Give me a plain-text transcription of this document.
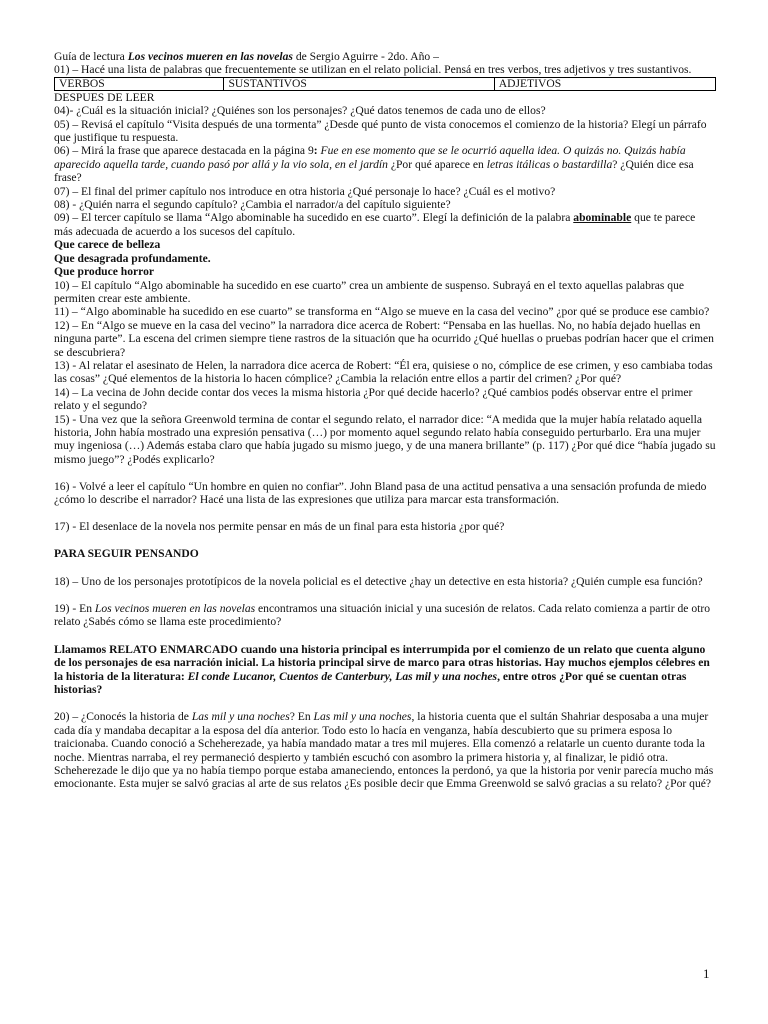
Guía de lectura Los vecinos mueren en las novelas de Sergio Aguirre - 2do. Año –

01) – Hacé una lista de palabras que frecuentemente se utilizan en el relato policial. Pensá en tres verbos, tres adjetivos y tres sustantivos.

VERBOS	SUSTANTIVOS	ADJETIVOS

DESPUES DE LEER

04)- ¿Cuál es la situación inicial? ¿Quiénes son los personajes? ¿Qué datos tenemos de cada uno de ellos?

05) – Revisá el capítulo “Visita después de una tormenta” ¿Desde qué punto de vista conocemos el comienzo de la historia? Elegí un párrafo que justifique tu respuesta.

06) – Mirá la frase que aparece destacada en la página 9: Fue en ese momento que se le ocurrió aquella idea. O quizás no. Quizás había aparecido aquella tarde, cuando pasó por allá y la vio sola, en el jardín ¿Por qué aparece en letras itálicas o bastardilla? ¿Quién dice esa frase?

07) – El final del primer capítulo nos introduce en otra historia ¿Qué personaje lo hace? ¿Cuál es el motivo?

08) - ¿Quién narra el segundo capítulo? ¿Cambia el narrador/a del capítulo siguiente?

09) – El tercer capítulo se llama “Algo abominable ha sucedido en ese cuarto”. Elegí la definición de la palabra abominable que te parece más adecuada de acuerdo a los sucesos del capítulo.

Que carece de belleza

Que desagrada profundamente.

Que produce horror

10) – El capítulo “Algo abominable ha sucedido en ese cuarto” crea un ambiente de suspenso. Subrayá en el texto aquellas palabras que permiten crear este ambiente.

11) – “Algo abominable ha sucedido en ese cuarto” se transforma en “Algo se mueve en la casa del vecino” ¿por qué se produce ese cambio?

12) – En “Algo se mueve en la casa del vecino” la narradora dice acerca de Robert: “Pensaba en las huellas. No, no había dejado huellas en ninguna parte”. La escena del crimen siempre tiene rastros de la situación que ha ocurrido ¿Qué huellas o pruebas podrían hacer que el crimen se descubriera?

13) - Al relatar el asesinato de Helen, la narradora dice acerca de Robert: “Él era, quisiese o no, cómplice de ese crimen, y eso cambiaba todas las cosas” ¿Qué elementos de la historia lo hacen cómplice? ¿Cambia la relación entre ellos a partir del crimen? ¿Por qué?

14) – La vecina de John decide contar dos veces la misma historia ¿Por qué decide hacerlo? ¿Qué cambios podés observar entre el primer relato y el segundo?

15) - Una vez que la señora Greenwold termina de contar el segundo relato, el narrador dice: “A medida que la mujer había relatado aquella historia, John había mostrado una expresión pensativa (…) por momento aquel segundo relato había conseguido perturbarlo. Era una mujer muy ingeniosa (…) Además estaba claro que había jugado su mismo juego, y de una manera brillante” (p. 117) ¿Por qué dice “había jugado su mismo juego”? ¿Podés explicarlo?

16) - Volvé a leer el capítulo “Un hombre en quien no confiar”. John Bland pasa de una actitud pensativa a una sensación profunda de miedo ¿cómo lo describe el narrador? Hacé una lista de las expresiones que utiliza para marcar esta transformación.

17) - El desenlace de la novela nos permite pensar en más de un final para esta historia ¿por qué?

PARA SEGUIR PENSANDO

18) – Uno de los personajes prototípicos de la novela policial es el detective ¿hay un detective en esta historia? ¿Quién cumple esa función?

19) - En Los vecinos mueren en las novelas encontramos una situación inicial y una sucesión de relatos. Cada relato comienza a partir de otro relato ¿Sabés cómo se llama este procedimiento?

Llamamos RELATO ENMARCADO cuando una historia principal es interrumpida por el comienzo de un relato que cuenta alguno de los personajes de esa narración inicial. La historia principal sirve de marco para otras historias. Hay muchos ejemplos célebres en la historia de la literatura: El conde Lucanor, Cuentos de Canterbury, Las mil y una noches, entre otros ¿Por qué se cuentan otras historias?

20) – ¿Conocés la historia de Las mil y una noches? En Las mil y una noches, la historia cuenta que el sultán Shahriar desposaba a una mujer cada día y mandaba decapitar a la esposa del día anterior. Todo esto lo hacía en venganza, había descubierto que su primera esposa lo traicionaba. Cuando conoció a Scheherezade, ya había mandado matar a tres mil mujeres. Ella comenzó a relatarle un cuento durante toda la noche. Mientras narraba, el rey permaneció despierto y también escuchó con asombro la primera historia y, al finalizar, le pidió otra. Scheherezade le dijo que ya no había tiempo porque estaba amaneciendo, entonces la perdonó, ya que la historia por venir parecía mucho más emocionante. Esta mujer se salvó gracias al arte de sus relatos ¿Es posible decir que Emma Greenwold se salvó gracias a su relato? ¿Por qué?

1
